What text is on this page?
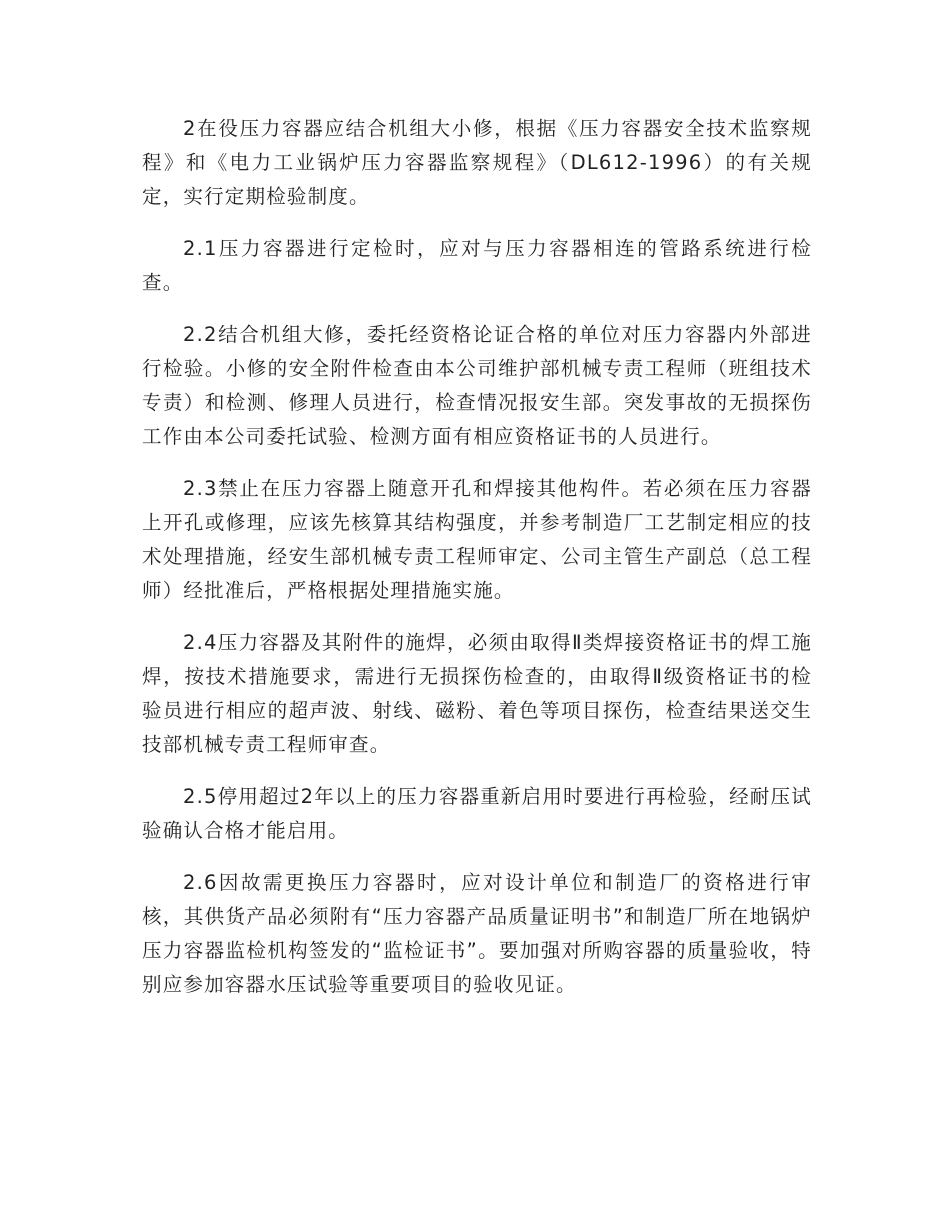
2在役压力容器应结合机组大小修，根据《压力容器安全技术监察规程》和《电力工业锅炉压力容器监察规程》（DL612-1996）的有关规定，实行定期检验制度。

2.1压力容器进行定检时，应对与压力容器相连的管路系统进行检查。

2.2结合机组大修，委托经资格论证合格的单位对压力容器内外部进行检验。小修的安全附件检查由本公司维护部机械专责工程师（班组技术专责）和检测、修理人员进行，检查情况报安生部。突发事故的无损探伤工作由本公司委托试验、检测方面有相应资格证书的人员进行。

2.3禁止在压力容器上随意开孔和焊接其他构件。若必须在压力容器上开孔或修理，应该先核算其结构强度，并参考制造厂工艺制定相应的技术处理措施，经安生部机械专责工程师审定、公司主管生产副总（总工程师）经批准后，严格根据处理措施实施。

2.4压力容器及其附件的施焊，必须由取得Ⅱ类焊接资格证书的焊工施焊，按技术措施要求，需进行无损探伤检查的，由取得Ⅱ级资格证书的检验员进行相应的超声波、射线、磁粉、着色等项目探伤，检查结果送交生技部机械专责工程师审查。

2.5停用超过2年以上的压力容器重新启用时要进行再检验，经耐压试验确认合格才能启用。

2.6因故需更换压力容器时，应对设计单位和制造厂的资格进行审核，其供货产品必须附有“压力容器产品质量证明书”和制造厂所在地锅炉压力容器监检机构签发的“监检证书”。要加强对所购容器的质量验收，特别应参加容器水压试验等重要项目的验收见证。
